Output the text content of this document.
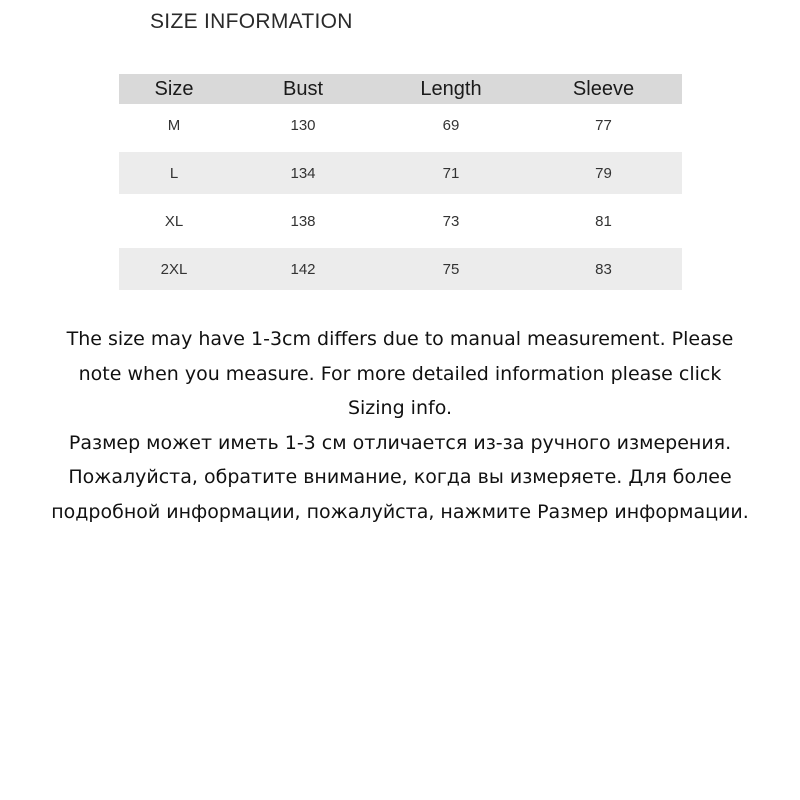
SIZE INFORMATION
Size	Bust	Length	Sleeve
M	130	69	77
L	134	71	79
XL	138	73	81
2XL	142	75	83
The size may have 1-3cm differs due to manual measurement. Please
note when you measure. For more detailed information please click
Sizing info.
Размер может иметь 1-3 см отличается из-за ручного измерения.
Пожалуйста, обратите внимание, когда вы измеряете. Для более
подробной информации, пожалуйста, нажмите Размер информации.
